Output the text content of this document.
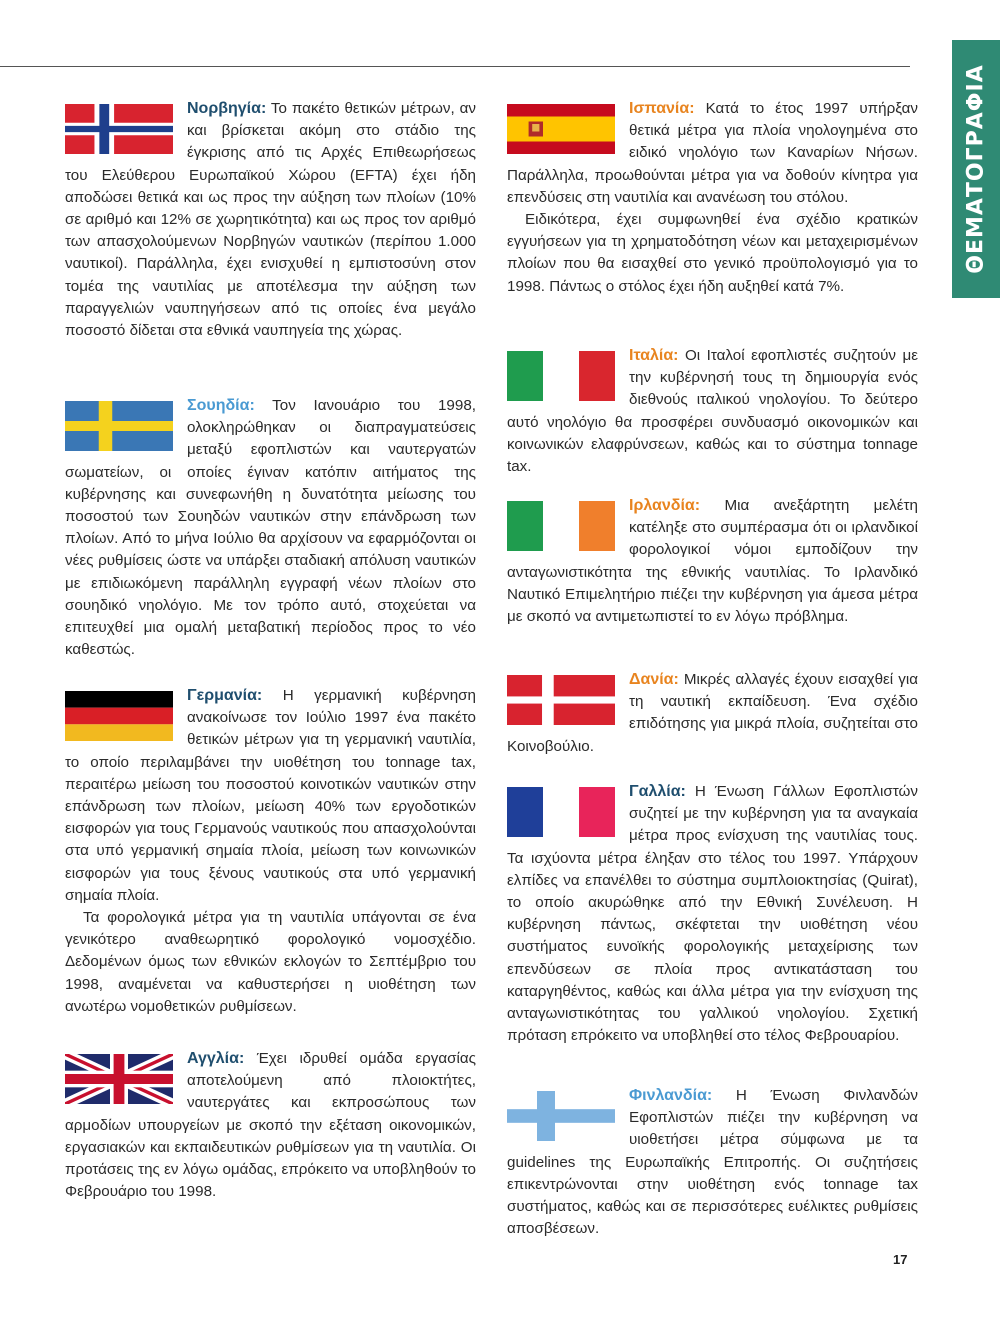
ΘΕΜΑΤΟΓΡΑΦΙΑ

Νορβηγία: Το πακέτο θετικών μέτρων, αν και βρίσκεται ακόμη στο στάδιο της έγκρισης από τις Αρχές Επιθεωρήσεως του Ελεύθερου Ευρωπαϊκού Χώρου (EFTA) έχει ήδη αποδώσει θετικά και ως προς την αύξηση των πλοίων (10% σε αριθμό και 12% σε χωρητικότητα) και ως προς τον αριθμό των απασχολούμενων Νορβηγών ναυτικών (περίπου 1.000 ναυτικοί). Παράλληλα, έχει ενισχυθεί η εμπιστοσύνη στον τομέα της ναυτιλίας με αποτέλεσμα την αύξηση των παραγγελιών ναυπηγήσεων από τις οποίες ένα μεγάλο ποσοστό δίδεται στα εθνικά ναυπηγεία της χώρας.

Σουηδία: Τον Ιανουάριο του 1998, ολοκληρώθηκαν οι διαπραγματεύσεις μεταξύ εφοπλιστών και ναυτεργατών σωματείων, οι οποίες έγιναν κατόπιν αιτήματος της κυβέρνησης και συνεφωνήθη η δυνατότητα μείωσης του ποσοστού των Σουηδών ναυτικών στην επάνδρωση των πλοίων. Από το μήνα Ιούλιο θα αρχίσουν να εφαρμόζονται οι νέες ρυθμίσεις ώστε να υπάρξει σταδιακή απόλυση ναυτικών με επιδιωκόμενη παράλληλη εγγραφή νέων πλοίων στο σουηδικό νηολόγιο. Με τον τρόπο αυτό, στοχεύεται να επιτευχθεί μια ομαλή μεταβατική περίοδος προς το νέο καθεστώς.

Γερμανία: Η γερμανική κυβέρνηση ανακοίνωσε τον Ιούλιο 1997 ένα πακέτο θετικών μέτρων για τη γερμανική ναυτιλία, το οποίο περιλαμβάνει την υιοθέτηση του tonnage tax, περαιτέρω μείωση του ποσοστού κοινοτικών ναυτικών στην επάνδρωση των πλοίων, μείωση 40% των εργοδοτικών εισφορών για τους Γερμανούς ναυτικούς που απασχολούνται στα υπό γερμανική σημαία πλοία, μείωση των κοινωνικών εισφορών για τους ξένους ναυτικούς στα υπό γερμανική σημαία πλοία.

Τα φορολογικά μέτρα για τη ναυτιλία υπάγονται σε ένα γενικότερο αναθεωρητικό φορολογικό νομοσχέδιο. Δεδομένων όμως των εθνικών εκλογών το Σεπτέμβριο του 1998, αναμένεται να καθυστερήσει η υιοθέτηση των ανωτέρω νομοθετικών ρυθμίσεων.

Αγγλία: Έχει ιδρυθεί ομάδα εργασίας αποτελούμενη από πλοιοκτήτες, ναυτεργάτες και εκπροσώπους των αρμοδίων υπουργείων με σκοπό την εξέταση οικονομικών, εργασιακών και εκπαιδευτικών ρυθμίσεων για τη ναυτιλία. Οι προτάσεις της εν λόγω ομάδας, επρόκειτο να υποβληθούν το Φεβρουάριο του 1998.

Ισπανία: Κατά το έτος 1997 υπήρξαν θετικά μέτρα για πλοία νηολογημένα στο ειδικό νηολόγιο των Καναρίων Νήσων. Παράλληλα, προωθούνται μέτρα για να δοθούν κίνητρα για επενδύσεις στη ναυτιλία και ανανέωση του στόλου.

Ειδικότερα, έχει συμφωνηθεί ένα σχέδιο κρατικών εγγυήσεων για τη χρηματοδότηση νέων και μεταχειρισμένων πλοίων που θα εισαχθεί στο γενικό προϋπολογισμό για το 1998. Πάντως ο στόλος έχει ήδη αυξηθεί κατά 7%.

Ιταλία: Οι Ιταλοί εφοπλιστές συζητούν με την κυβέρνησή τους τη δημιουργία ενός διεθνούς ιταλικού νηολογίου. Το δεύτερο αυτό νηολόγιο θα προσφέρει συνδυασμό οικονομικών και κοινωνικών ελαφρύνσεων, καθώς και το σύστημα tonnage tax.

Ιρλανδία: Μια ανεξάρτητη μελέτη κατέληξε στο συμπέρασμα ότι οι ιρλανδικοί φορολογικοί νόμοι εμποδίζουν την ανταγωνιστικότητα της εθνικής ναυτιλίας. Το Ιρλανδικό Ναυτικό Επιμελητήριο πιέζει την κυβέρνηση για άμεσα μέτρα με σκοπό να αντιμετωπιστεί το εν λόγω πρόβλημα.

Δανία: Μικρές αλλαγές έχουν εισαχθεί για τη ναυτική εκπαίδευση. Ένα σχέδιο επιδότησης για μικρά πλοία, συζητείται στο Κοινοβούλιο.

Γαλλία: Η Ένωση Γάλλων Εφοπλιστών συζητεί με την κυβέρνηση για τα αναγκαία μέτρα προς ενίσχυση της ναυτιλίας τους. Τα ισχύοντα μέτρα έληξαν στο τέλος του 1997. Υπάρχουν ελπίδες να επανέλθει το σύστημα συμπλοιοκτησίας (Quirat), το οποίο ακυρώθηκε από την Εθνική Συνέλευση. Η κυβέρνηση πάντως, σκέφτεται την υιοθέτηση νέου συστήματος ευνοϊκής φορολογικής μεταχείρισης των επενδύσεων σε πλοία προς αντικατάσταση του καταργηθέντος, καθώς και άλλα μέτρα για την ενίσχυση της ανταγωνιστικότητας του γαλλικού νηολογίου. Σχετική πρόταση επρόκειτο να υποβληθεί στο τέλος Φεβρουαρίου.

Φινλανδία: Η Ένωση Φινλανδών Εφοπλιστών πιέζει την κυβέρνηση να υιοθετήσει μέτρα σύμφωνα με τα guidelines της Ευρωπαϊκής Επιτροπής. Οι συζητήσεις επικεντρώνονται στην υιοθέτηση ενός tonnage tax συστήματος, καθώς και σε περισσότερες ευέλικτες ρυθμίσεις αποσβέσεων.

17
